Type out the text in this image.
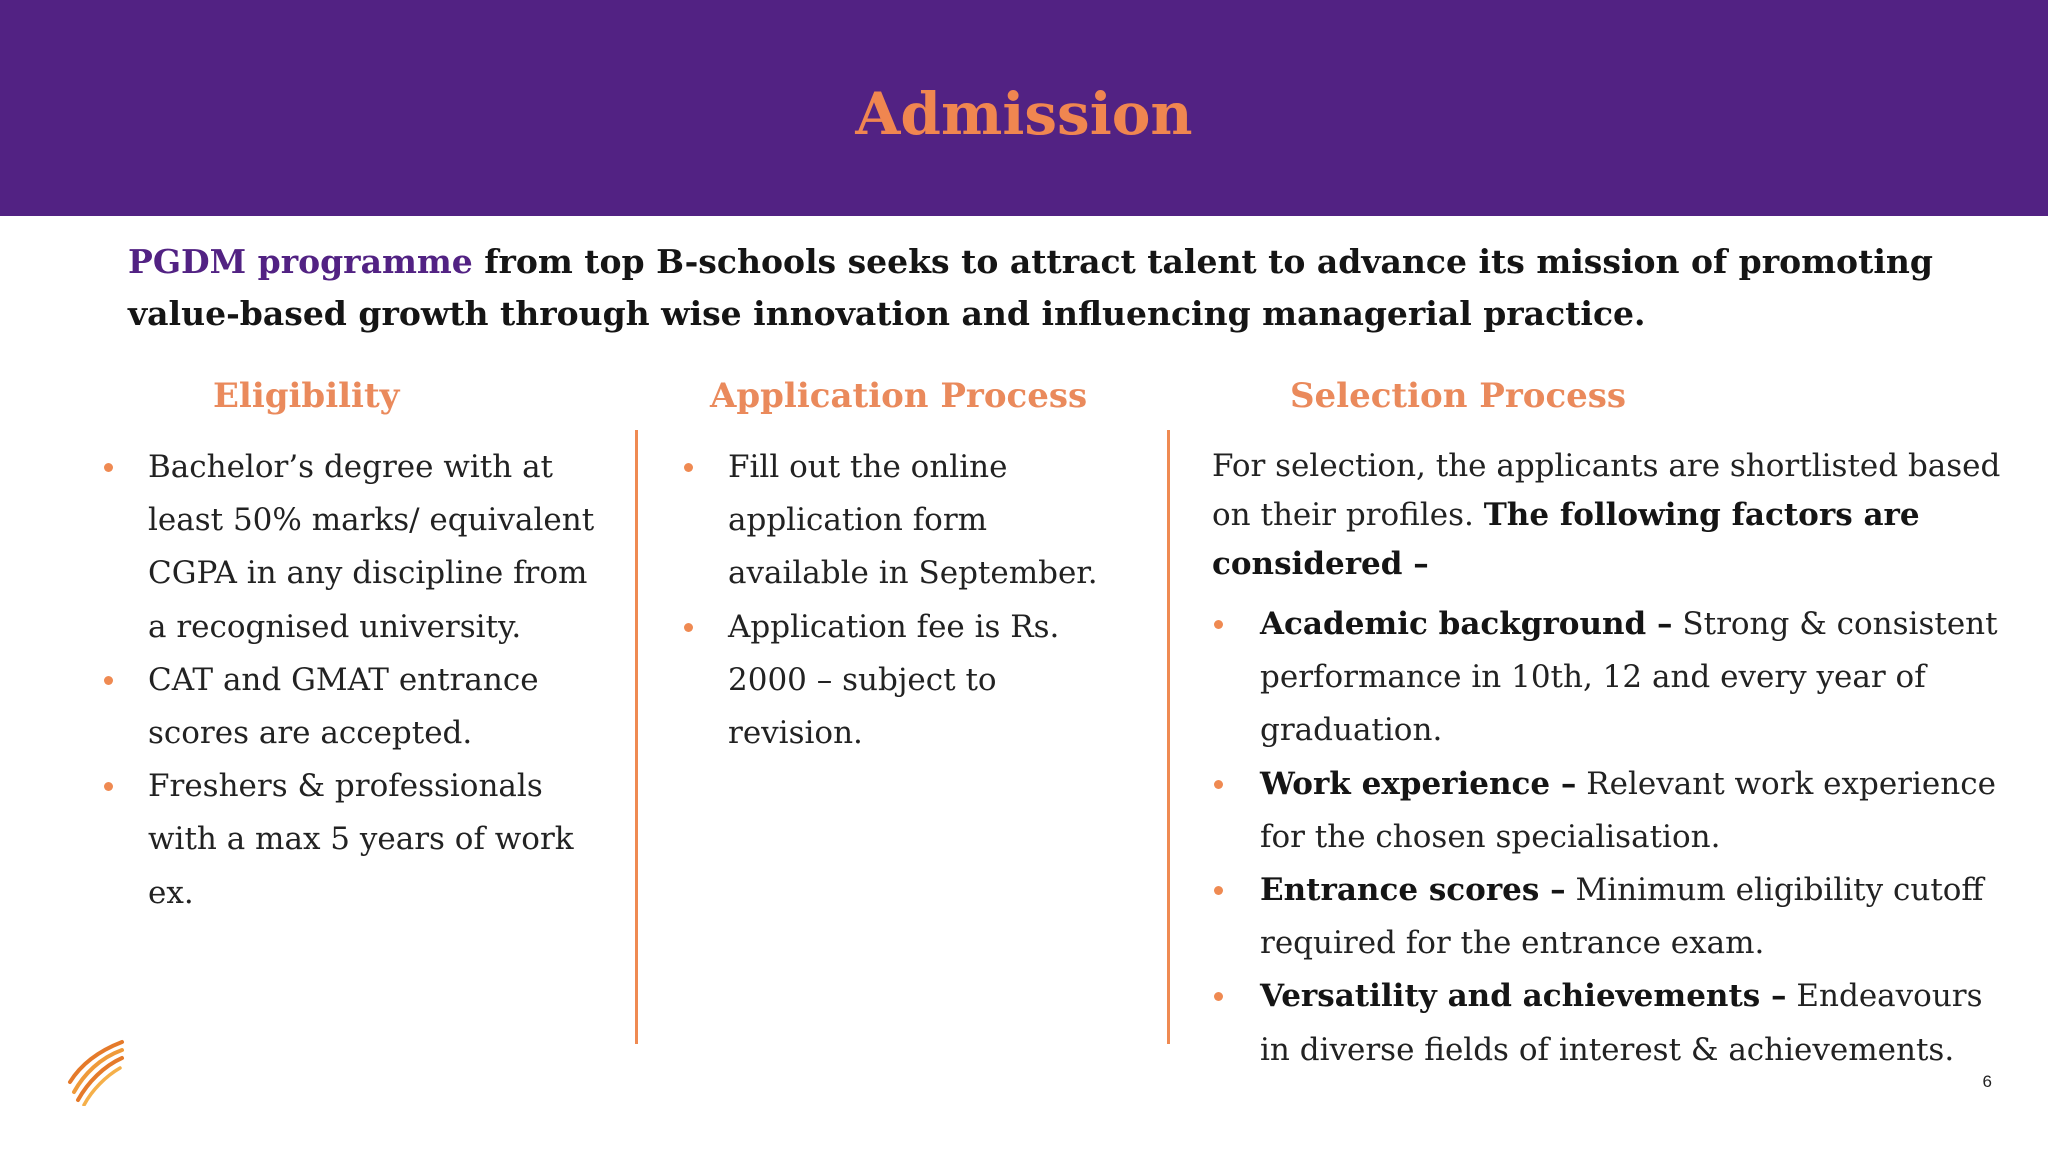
Admission

PGDM programme from top B-schools seeks to attract talent to advance its mission of promoting value-based growth through wise innovation and influencing managerial practice.

Eligibility	Application Process	Selection Process
Bachelor’s degree with at least 50% marks/ equivalent CGPA in any discipline from a recognised university.
CAT and GMAT entrance scores are accepted.
Freshers & professionals with a max 5 years of work ex.
Fill out the online application form available in September.
Application fee is Rs. 2000 – subject to revision.

For selection, the applicants are shortlisted based on their profiles. The following factors are considered –

Academic background – Strong & consistent performance in 10th, 12 and every year of graduation.
Work experience – Relevant work experience for the chosen specialisation.
Entrance scores – Minimum eligibility cutoff required for the entrance exam.
Versatility and achievements – Endeavours in diverse fields of interest & achievements.
6
